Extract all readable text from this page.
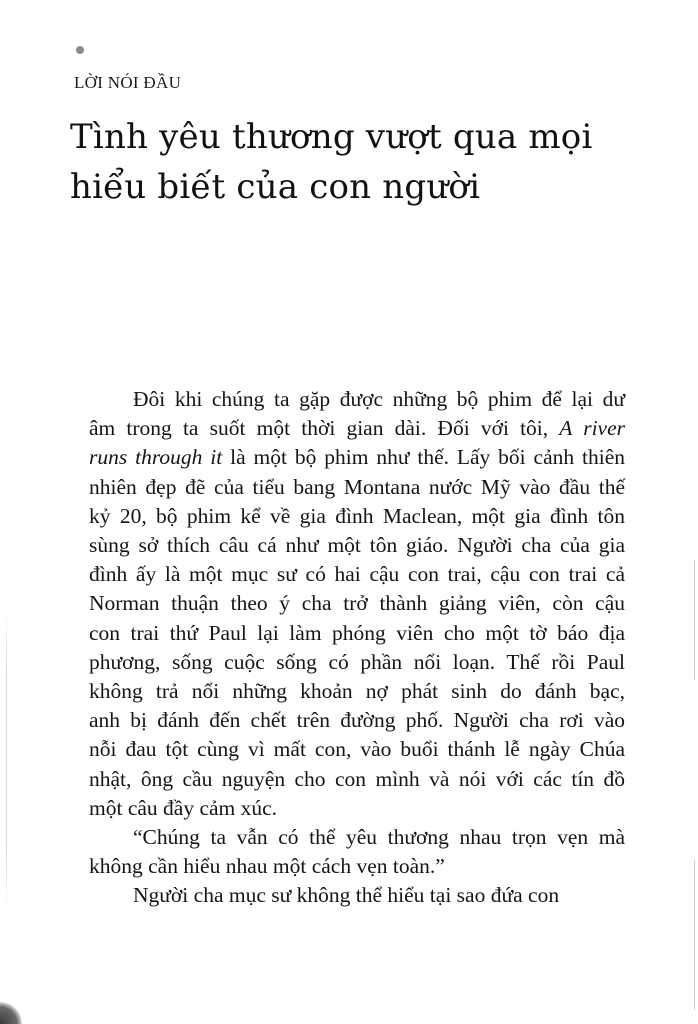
LỜI NÓI ĐẦU
Tình yêu thương vượt qua mọi
hiểu biết của con người
Đôi khi chúng ta gặp được những bộ phim để lại dư
âm trong ta suốt một thời gian dài. Đối với tôi, A river
runs through it là một bộ phim như thế. Lấy bối cảnh thiên
nhiên đẹp đẽ của tiểu bang Montana nước Mỹ vào đầu thế
kỷ 20, bộ phim kể về gia đình Maclean, một gia đình tôn
sùng sở thích câu cá như một tôn giáo. Người cha của gia
đình ấy là một mục sư có hai cậu con trai, cậu con trai cả
Norman thuận theo ý cha trở thành giảng viên, còn cậu
con trai thứ Paul lại làm phóng viên cho một tờ báo địa
phương, sống cuộc sống có phần nổi loạn. Thế rồi Paul
không trả nổi những khoản nợ phát sinh do đánh bạc,
anh bị đánh đến chết trên đường phố. Người cha rơi vào
nỗi đau tột cùng vì mất con, vào buổi thánh lễ ngày Chúa
nhật, ông cầu nguyện cho con mình và nói với các tín đồ
một câu đầy cảm xúc.
“Chúng ta vẫn có thể yêu thương nhau trọn vẹn mà
không cần hiểu nhau một cách vẹn toàn.”
Người cha mục sư không thể hiểu tại sao đứa con
